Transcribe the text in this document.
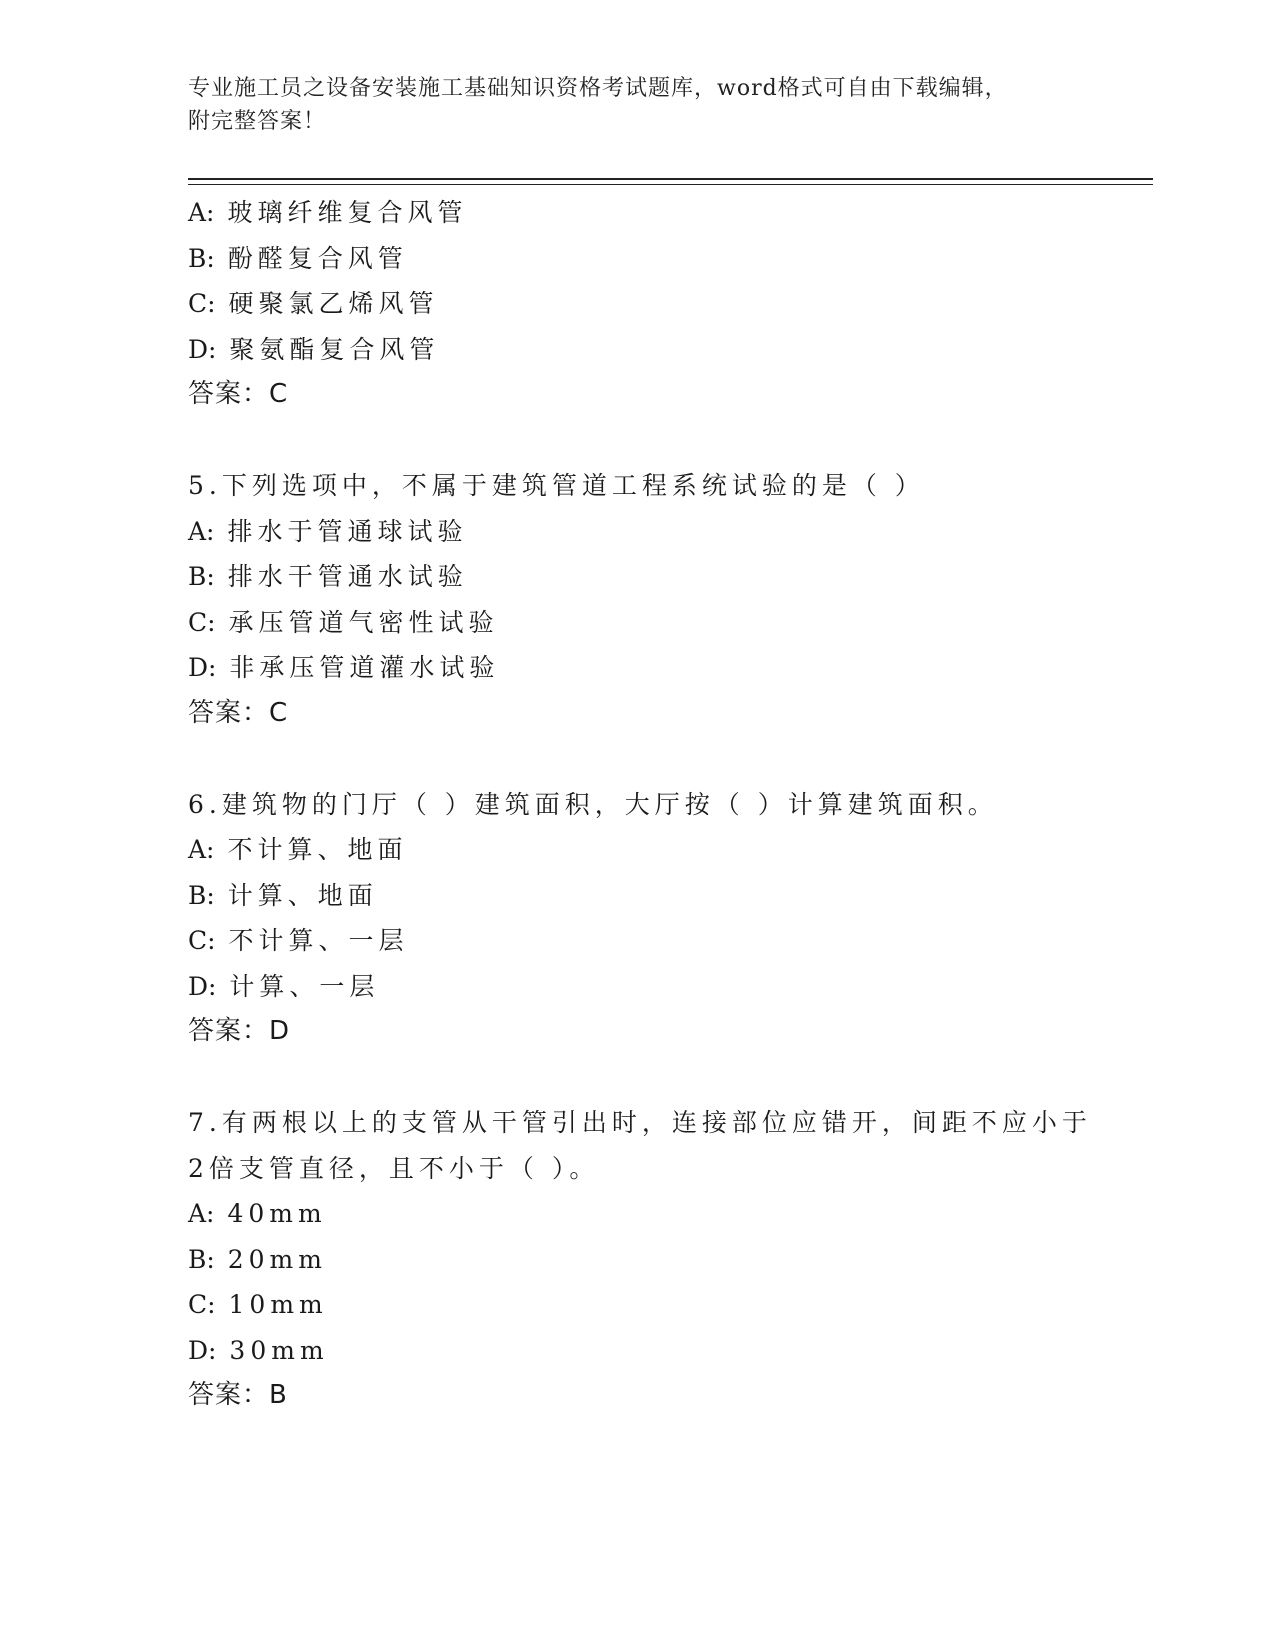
专业施工员之设备安装施工基础知识资格考试题库，word格式可自由下载编辑，
附完整答案！
A: 玻璃纤维复合风管
B: 酚醛复合风管
C: 硬聚氯乙烯风管
D: 聚氨酯复合风管
答案：C
5.下列选项中，不属于建筑管道工程系统试验的是（ ）
A: 排水于管通球试验
B: 排水干管通水试验
C: 承压管道气密性试验
D: 非承压管道灌水试验
答案：C
6.建筑物的门厅（ ）建筑面积，大厅按（ ）计算建筑面积。
A: 不计算、地面
B: 计算、地面
C: 不计算、一层
D: 计算、一层
答案：D
7.有两根以上的支管从干管引出时，连接部位应错开，间距不应小于
2倍支管直径，且不小于（ ）。
A: 40mm
B: 20mm
C: 10mm
D: 30mm
答案：B
